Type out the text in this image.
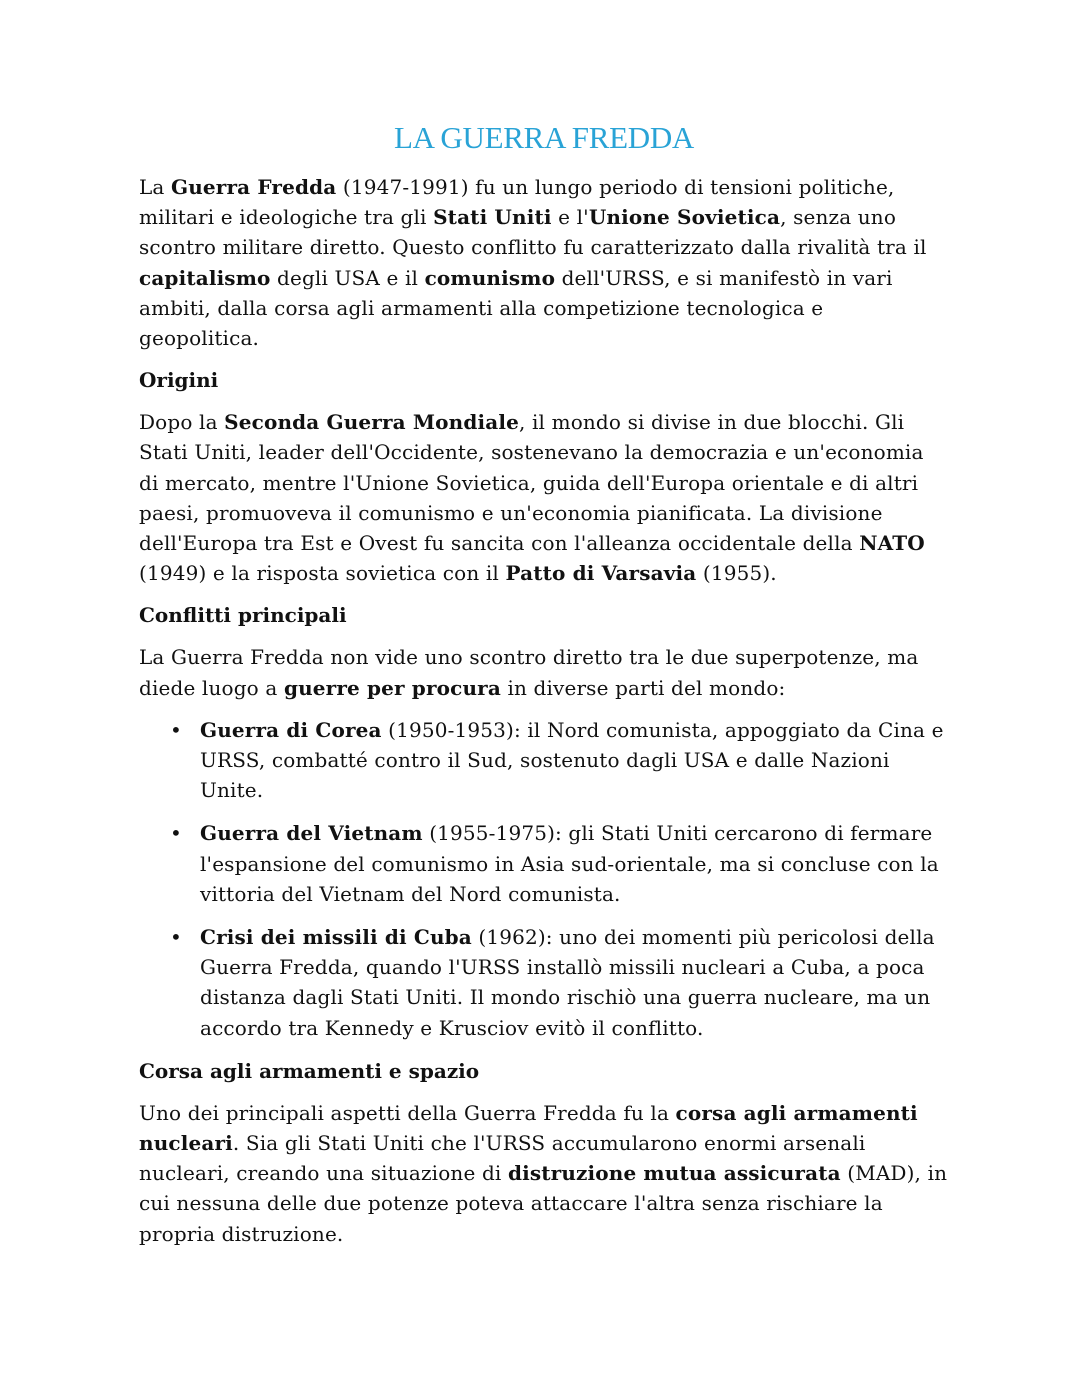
LA GUERRA FREDDA

La Guerra Fredda (1947-1991) fu un lungo periodo di tensioni politiche, militari e ideologiche tra gli Stati Uniti e l'Unione Sovietica, senza uno scontro militare diretto. Questo conflitto fu caratterizzato dalla rivalità tra il capitalismo degli USA e il comunismo dell'URSS, e si manifestò in vari ambiti, dalla corsa agli armamenti alla competizione tecnologica e geopolitica.

Origini

Dopo la Seconda Guerra Mondiale, il mondo si divise in due blocchi. Gli Stati Uniti, leader dell'Occidente, sostenevano la democrazia e un'economia di mercato, mentre l'Unione Sovietica, guida dell'Europa orientale e di altri paesi, promuoveva il comunismo e un'economia pianificata. La divisione dell'Europa tra Est e Ovest fu sancita con l'alleanza occidentale della NATO (1949) e la risposta sovietica con il Patto di Varsavia (1955).

Conflitti principali

La Guerra Fredda non vide uno scontro diretto tra le due superpotenze, ma diede luogo a guerre per procura in diverse parti del mondo:

• Guerra di Corea (1950-1953): il Nord comunista, appoggiato da Cina e URSS, combatté contro il Sud, sostenuto dagli USA e dalle Nazioni Unite.
• Guerra del Vietnam (1955-1975): gli Stati Uniti cercarono di fermare l'espansione del comunismo in Asia sud-orientale, ma si concluse con la vittoria del Vietnam del Nord comunista.
• Crisi dei missili di Cuba (1962): uno dei momenti più pericolosi della Guerra Fredda, quando l'URSS installò missili nucleari a Cuba, a poca distanza dagli Stati Uniti. Il mondo rischiò una guerra nucleare, ma un accordo tra Kennedy e Krusciov evitò il conflitto.
Corsa agli armamenti e spazio

Uno dei principali aspetti della Guerra Fredda fu la corsa agli armamenti nucleari. Sia gli Stati Uniti che l'URSS accumularono enormi arsenali nucleari, creando una situazione di distruzione mutua assicurata (MAD), in cui nessuna delle due potenze poteva attaccare l'altra senza rischiare la propria distruzione.
